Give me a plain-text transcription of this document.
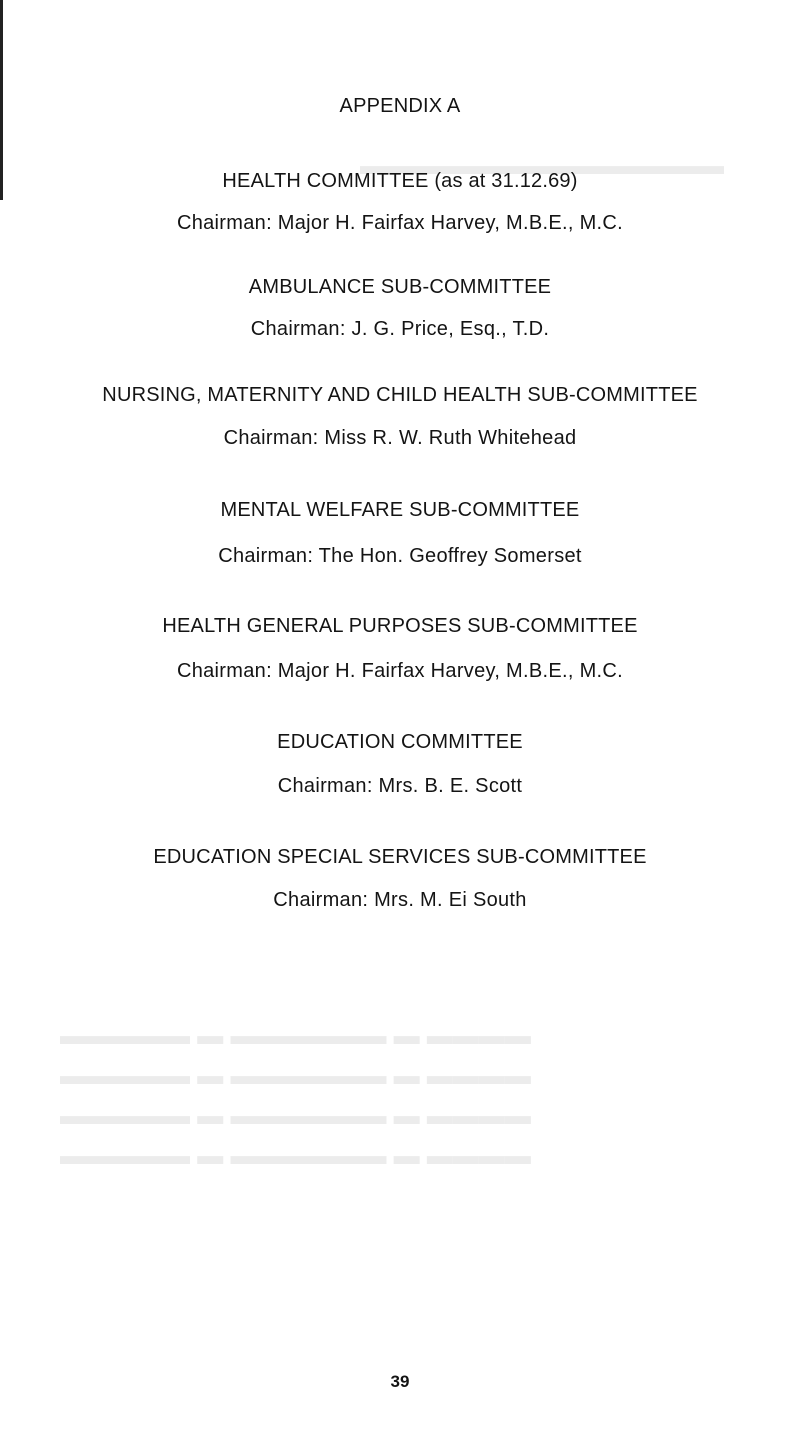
▬▬▬▬▬▬▬▬▬▬▬▬▬▬
▬▬▬▬ ▬ ▬▬▬▬▬▬ ▬ ▬▬▬▬▬
▬▬▬▬ ▬ ▬▬▬▬▬▬ ▬ ▬▬▬▬▬
▬▬▬▬ ▬ ▬▬▬▬▬▬ ▬ ▬▬▬▬▬
▬▬▬▬ ▬ ▬▬▬▬▬▬ ▬ ▬▬▬▬▬
APPENDIX A
HEALTH COMMITTEE (as at 31.12.69)
Chairman: Major H. Fairfax Harvey, M.B.E., M.C.
AMBULANCE SUB-COMMITTEE
Chairman: J. G. Price, Esq., T.D.
NURSING, MATERNITY AND CHILD HEALTH SUB-COMMITTEE
Chairman: Miss R. W. Ruth Whitehead
MENTAL WELFARE SUB-COMMITTEE
Chairman: The Hon. Geoffrey Somerset
HEALTH GENERAL PURPOSES SUB-COMMITTEE
Chairman: Major H. Fairfax Harvey, M.B.E., M.C.
EDUCATION COMMITTEE
Chairman: Mrs. B. E. Scott
EDUCATION SPECIAL SERVICES SUB-COMMITTEE
Chairman: Mrs. M. Ei South
39
